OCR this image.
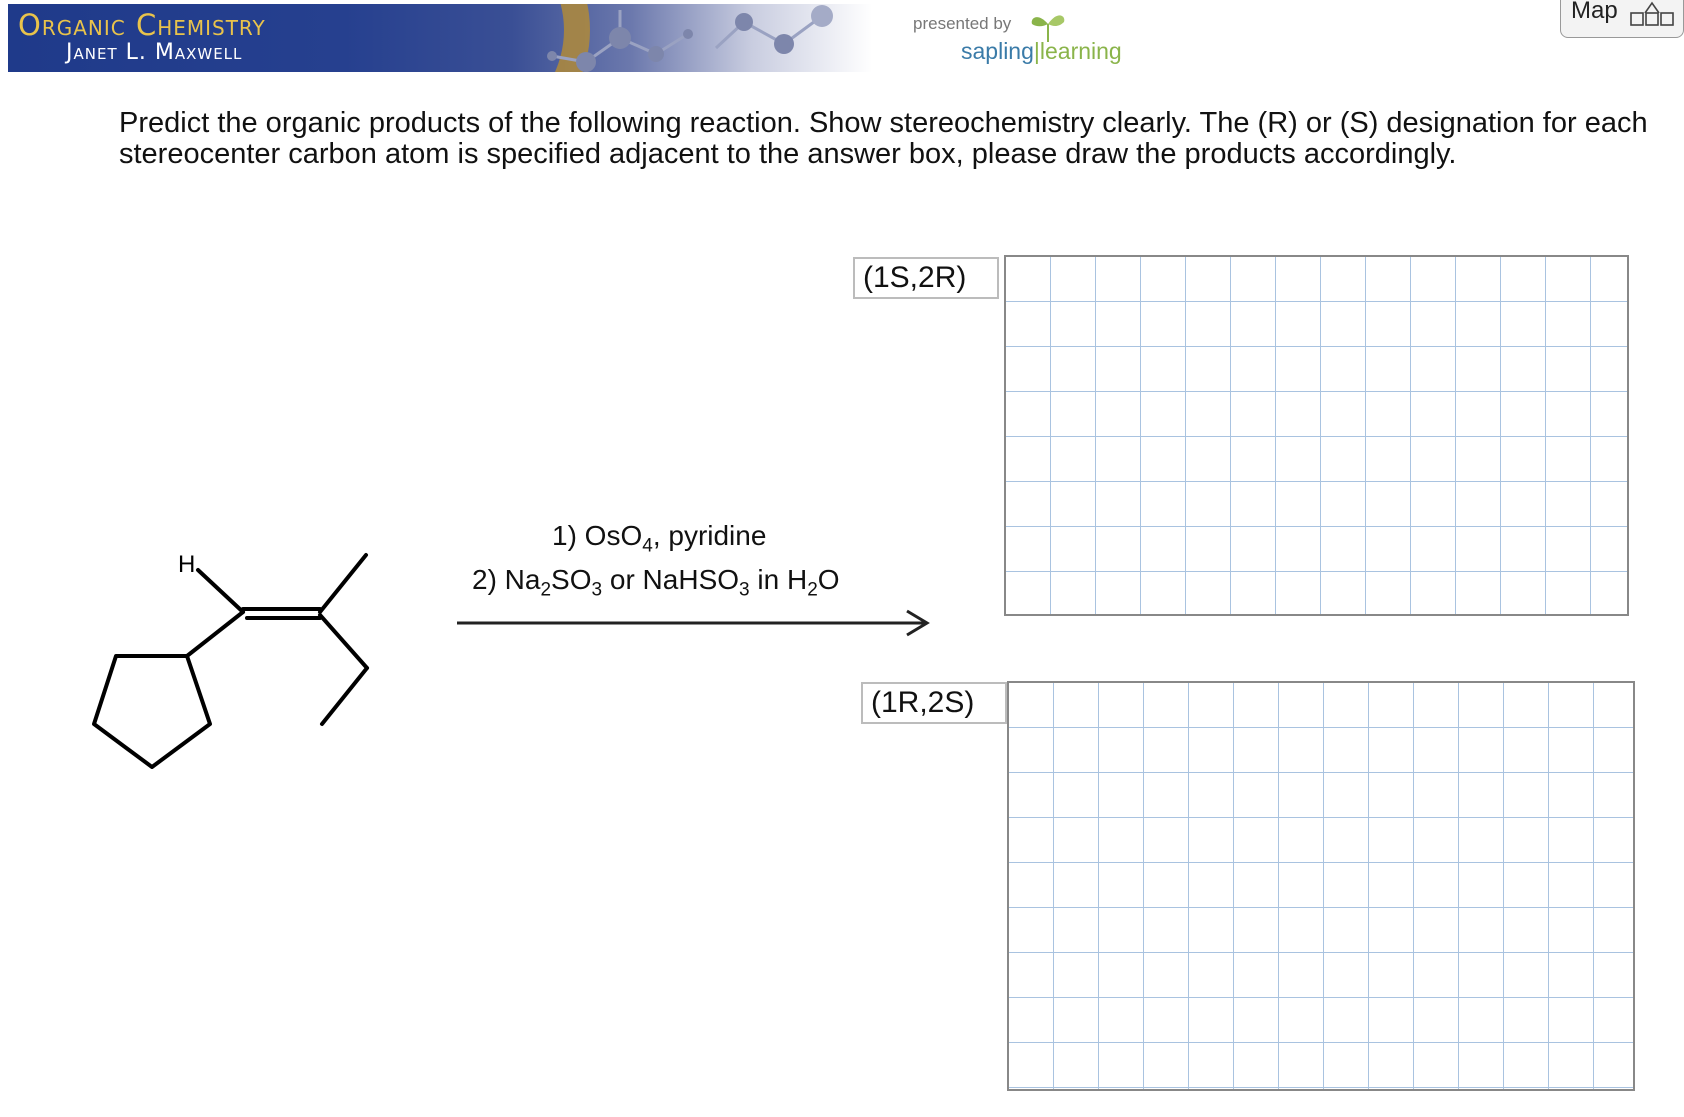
Organic Chemistry
Janet L. Maxwell
presented by
sapling|learning
Map
Predict the organic products of the following reaction. Show stereochemistry clearly. The (R) or (S) designation for each stereocenter carbon atom is specified adjacent to the answer box, please draw the products accordingly.
H
1) OsO$_4$, pyridine
2) $Na_2SO_3$ or NaHSO$_3$ in $H_2O$
(1S,2R)
(1R,2S)
